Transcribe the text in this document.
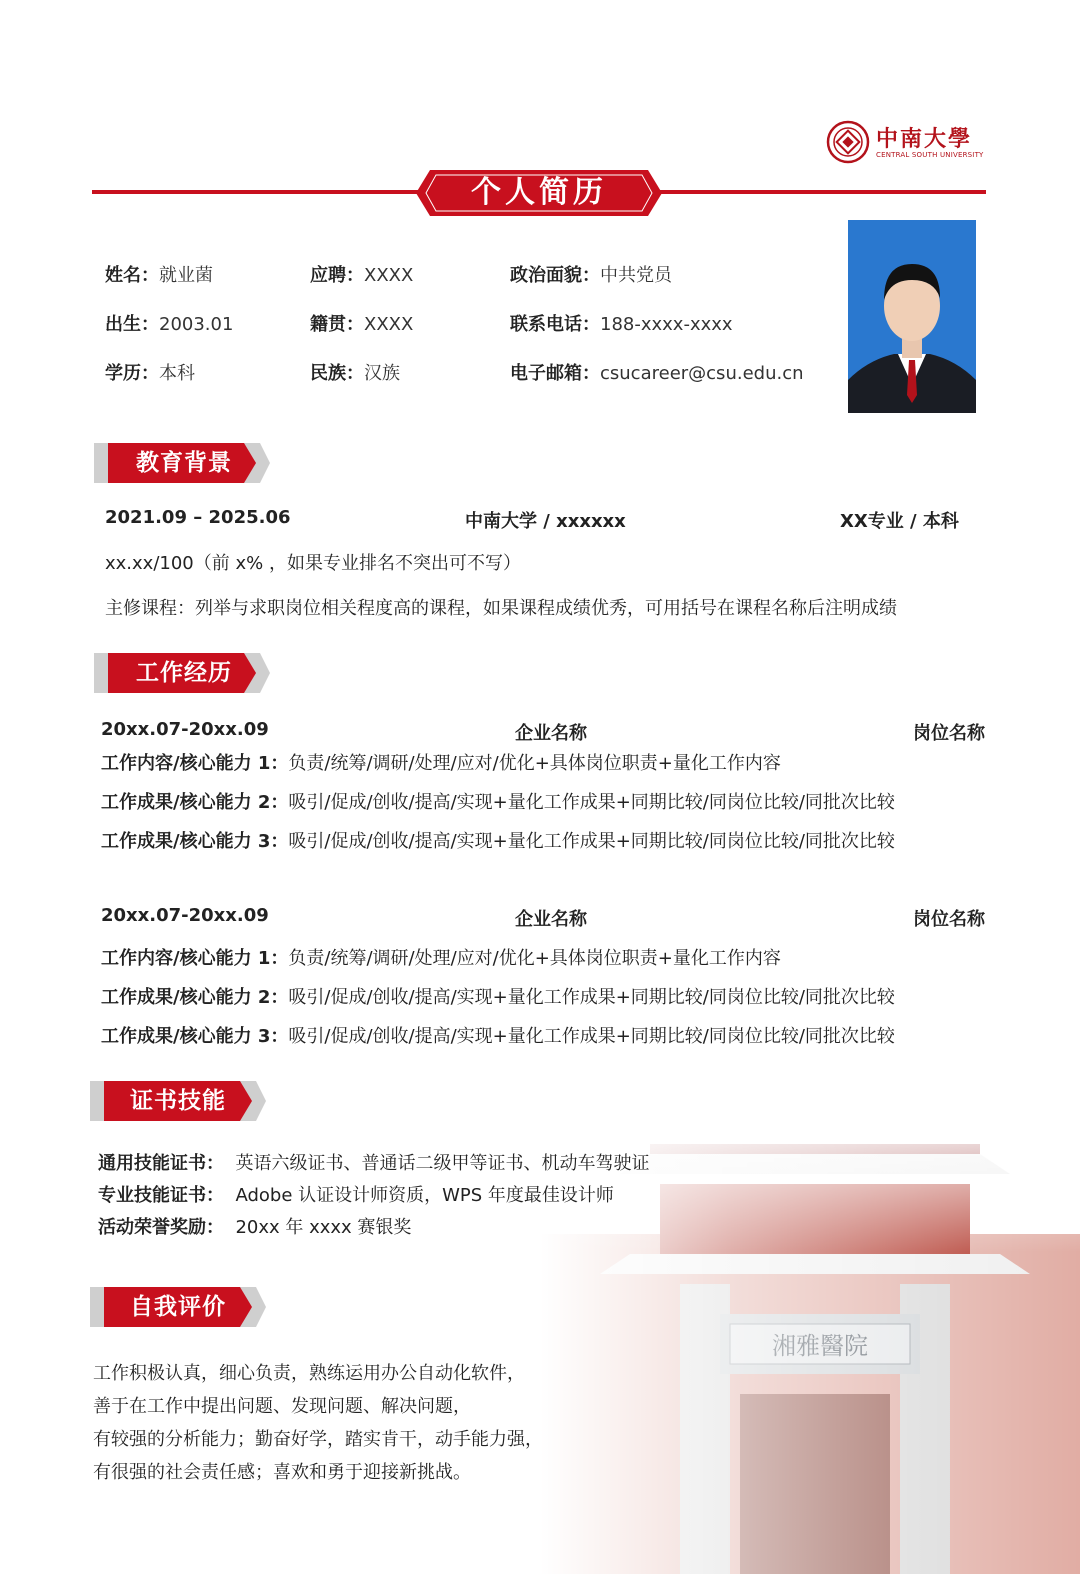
中南大學
CENTRAL SOUTH UNIVERSITY
个人简历
姓名：就业菌	应聘：XXXX	政治面貌：中共党员
出生：2003.01	籍贯：XXXX	联系电话：188-xxxx-xxxx
学历：本科	民族：汉族	电子邮箱：csucareer@csu.edu.cn
教育背景
2021.09 – 2025.06	中南大学 / xxxxxx	XX专业 / 本科
xx.xx/100（前 x% ，如果专业排名不突出可不写）
主修课程：列举与求职岗位相关程度高的课程，如果课程成绩优秀，可用括号在课程名称后注明成绩
工作经历
20xx.07-20xx.09	企业名称	岗位名称
工作内容/核心能力 1：负责/统筹/调研/处理/应对/优化+具体岗位职责+量化工作内容
工作成果/核心能力 2：吸引/促成/创收/提高/实现+量化工作成果+同期比较/同岗位比较/同批次比较
工作成果/核心能力 3：吸引/促成/创收/提高/实现+量化工作成果+同期比较/同岗位比较/同批次比较
20xx.07-20xx.09	企业名称	岗位名称
工作内容/核心能力 1：负责/统筹/调研/处理/应对/优化+具体岗位职责+量化工作内容
工作成果/核心能力 2：吸引/促成/创收/提高/实现+量化工作成果+同期比较/同岗位比较/同批次比较
工作成果/核心能力 3：吸引/促成/创收/提高/实现+量化工作成果+同期比较/同岗位比较/同批次比较
证书技能
通用技能证书： 英语六级证书、普通话二级甲等证书、机动车驾驶证
专业技能证书： Adobe 认证设计师资质，WPS 年度最佳设计师
活动荣誉奖励： 20xx 年 xxxx 赛银奖
自我评价
工作积极认真，细心负责，熟练运用办公自动化软件，
善于在工作中提出问题、发现问题、解决问题，
有较强的分析能力；勤奋好学，踏实肯干，动手能力强，
有很强的社会责任感；喜欢和勇于迎接新挑战。
